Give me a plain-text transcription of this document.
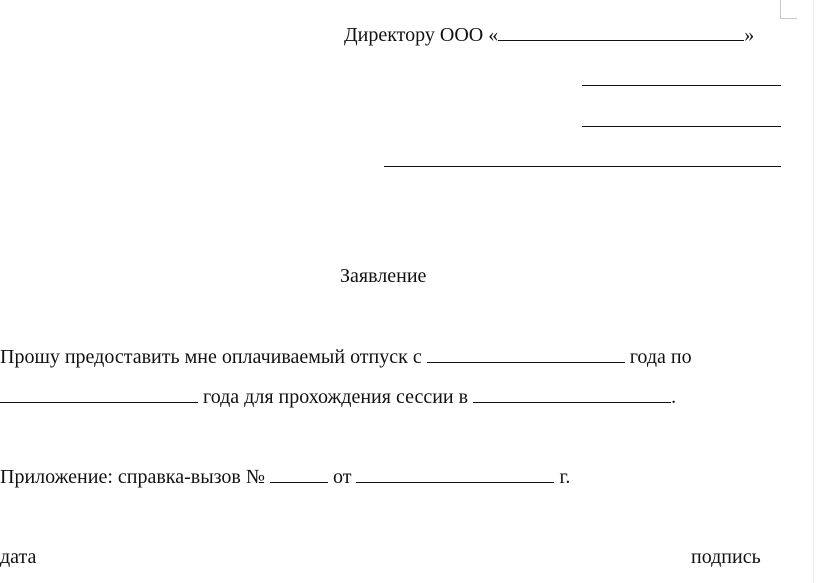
Директору ООО «	»
Заявление
Прошу предоставить мне оплачиваемый отпуск с	года по
года для прохождения сессии в	.
Приложение: справка-вызов №	от	г.
дата	подпись
